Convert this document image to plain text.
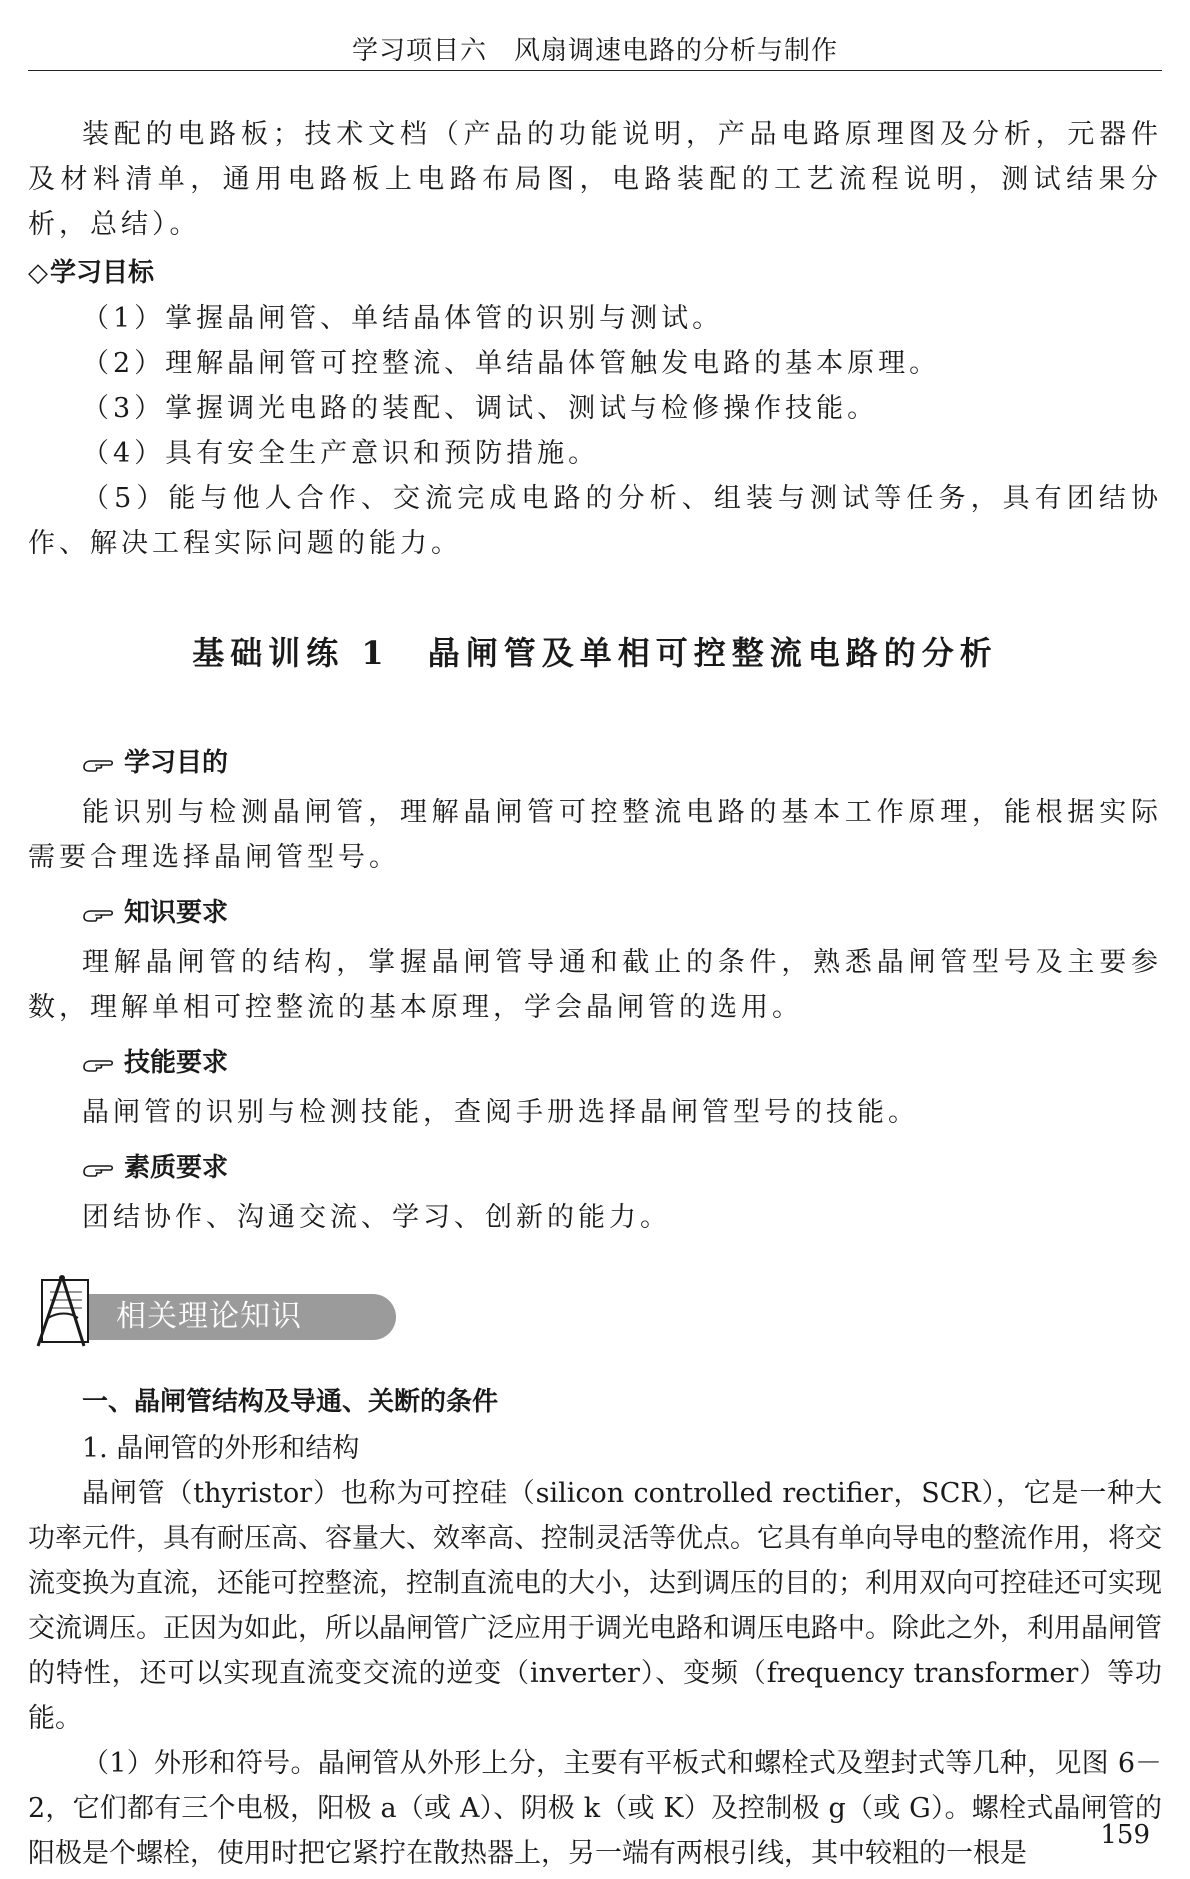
学习项目六　风扇调速电路的分析与制作

装配的电路板；技术文档（产品的功能说明，产品电路原理图及分析，元器件及材料清单，通用电路板上电路布局图，电路装配的工艺流程说明，测试结果分析，总结）。

◇学习目标

（1）掌握晶闸管、单结晶体管的识别与测试。

（2）理解晶闸管可控整流、单结晶体管触发电路的基本原理。

（3）掌握调光电路的装配、调试、测试与检修操作技能。

（4）具有安全生产意识和预防措施。

（5）能与他人合作、交流完成电路的分析、组装与测试等任务，具有团结协作、解决工程实际问题的能力。

基础训练 1　晶闸管及单相可控整流电路的分析
学习目的

能识别与检测晶闸管，理解晶闸管可控整流电路的基本工作原理，能根据实际需要合理选择晶闸管型号。

知识要求

理解晶闸管的结构，掌握晶闸管导通和截止的条件，熟悉晶闸管型号及主要参数，理解单相可控整流的基本原理，学会晶闸管的选用。

技能要求

晶闸管的识别与检测技能，查阅手册选择晶闸管型号的技能。

素质要求

团结协作、沟通交流、学习、创新的能力。

相关理论知识
一、晶闸管结构及导通、关断的条件

1. 晶闸管的外形和结构

晶闸管（thyristor）也称为可控硅（silicon controlled rectifier，SCR），它是一种大功率元件，具有耐压高、容量大、效率高、控制灵活等优点。它具有单向导电的整流作用，将交流变换为直流，还能可控整流，控制直流电的大小，达到调压的目的；利用双向可控硅还可实现交流调压。正因为如此，所以晶闸管广泛应用于调光电路和调压电路中。除此之外，利用晶闸管的特性，还可以实现直流变交流的逆变（inverter）、变频（frequency transformer）等功能。

（1）外形和符号。晶闸管从外形上分，主要有平板式和螺栓式及塑封式等几种，见图 6－2，它们都有三个电极，阳极 a（或 A）、阴极 k（或 K）及控制极 g（或 G）。螺栓式晶闸管的阳极是个螺栓，使用时把它紧拧在散热器上，另一端有两根引线，其中较粗的一根是

159
